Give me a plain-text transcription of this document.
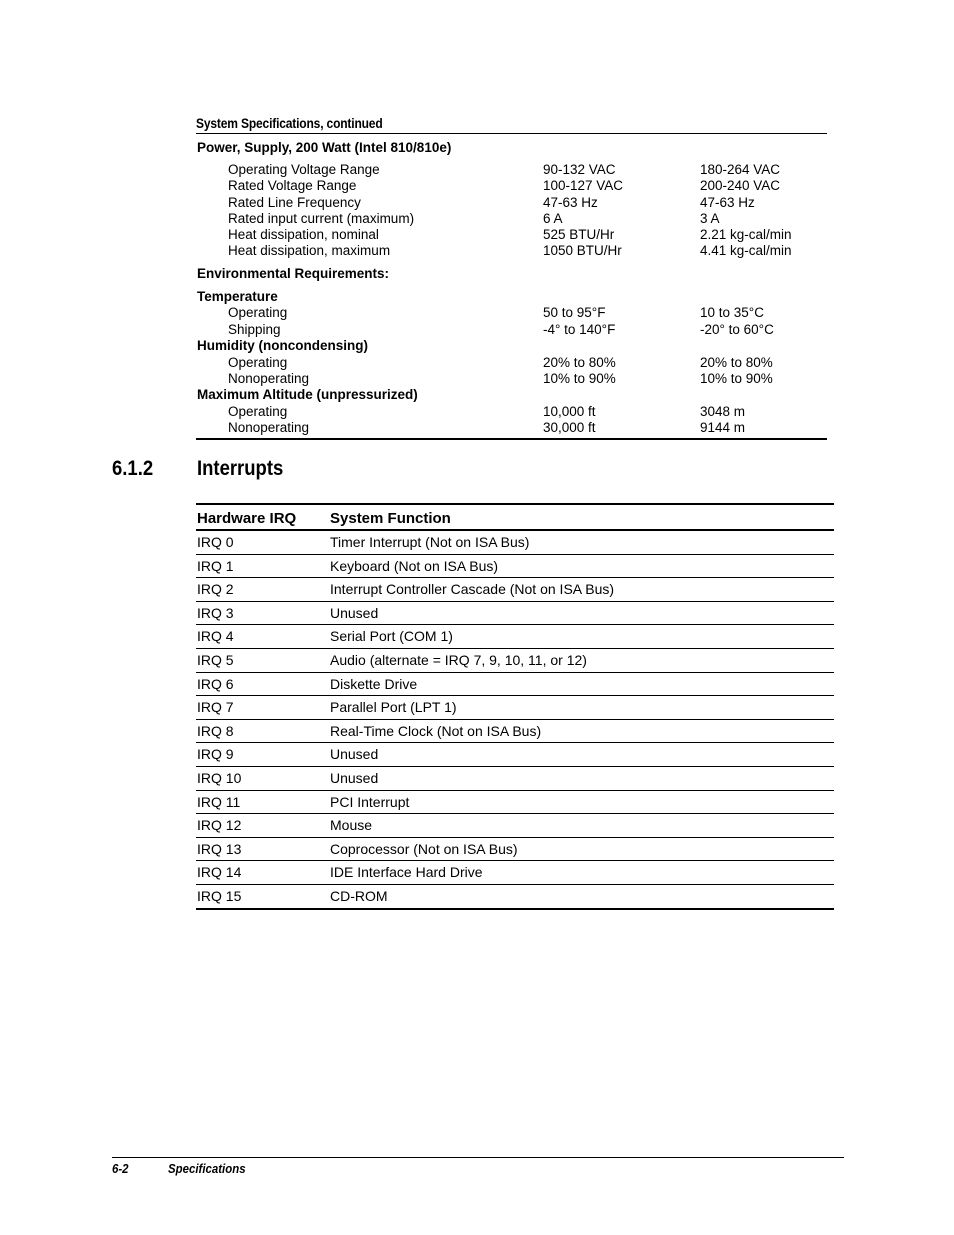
System Specifications, continued
Power, Supply, 200 Watt (Intel 810/810e)
Operating Voltage Range	90-132 VAC	180-264 VAC
Rated Voltage Range	100-127 VAC	200-240 VAC
Rated Line Frequency	47-63 Hz	47-63 Hz
Rated input current (maximum)	6 A	3 A
Heat dissipation, nominal	525 BTU/Hr	2.21 kg-cal/min
Heat dissipation, maximum	1050 BTU/Hr	4.41 kg-cal/min
Environmental Requirements:
Temperature
Operating	50 to 95°F	10 to 35°C
Shipping	-4° to 140°F	-20° to 60°C
Humidity (noncondensing)
Operating	20% to 80%	20% to 80%
Nonoperating	10% to 90%	10% to 90%
Maximum Altitude (unpressurized)
Operating	10,000 ft	3048 m
Nonoperating	30,000 ft	9144 m
6.1.2 Interrupts
Hardware IRQ System Function
IRQ 0	Timer Interrupt (Not on ISA Bus)
IRQ 1	Keyboard (Not on ISA Bus)
IRQ 2	Interrupt Controller Cascade (Not on ISA Bus)
IRQ 3	Unused
IRQ 4	Serial Port (COM 1)
IRQ 5	Audio (alternate = IRQ 7, 9, 10, 11, or 12)
IRQ 6	Diskette Drive
IRQ 7	Parallel Port (LPT 1)
IRQ 8	Real-Time Clock (Not on ISA Bus)
IRQ 9	Unused
IRQ 10	Unused
IRQ 11	PCI Interrupt
IRQ 12	Mouse
IRQ 13	Coprocessor (Not on ISA Bus)
IRQ 14	IDE Interface Hard Drive
IRQ 15	CD-ROM
6-2	Specifications
